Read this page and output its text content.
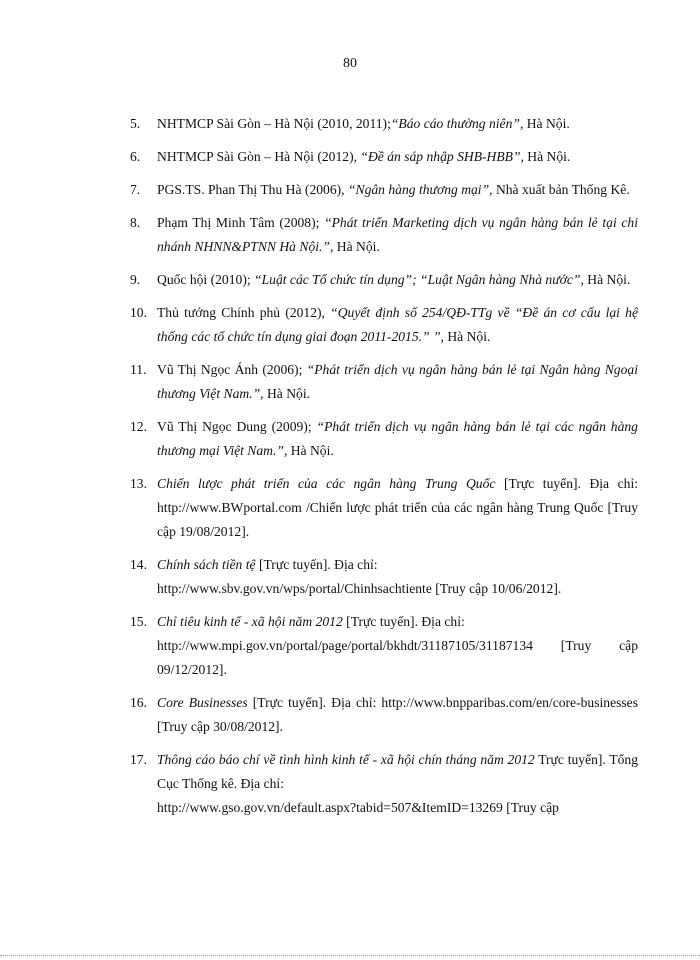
80
5. NHTMCP Sài Gòn – Hà Nội (2010, 2011);“Báo cáo thường niên”, Hà Nội.
6. NHTMCP Sài Gòn – Hà Nội (2012), “Đề án sáp nhập SHB-HBB”, Hà Nội.
7. PGS.TS. Phan Thị Thu Hà (2006), “Ngân hàng thương mại”, Nhà xuất bản Thống Kê.
8. Phạm Thị Minh Tâm (2008); “Phát triển Marketing dịch vụ ngân hàng bán lẻ tại chi nhánh NHNN&PTNN Hà Nội.”, Hà Nội.
9. Quốc hội (2010); “Luật các Tổ chức tín dụng”; “Luật Ngân hàng Nhà nước”, Hà Nội.
10. Thủ tướng Chính phủ (2012), “Quyết định số 254/QĐ-TTg về “Đề án cơ cấu lại hệ thống các tổ chức tín dụng giai đoạn 2011-2015.” ”, Hà Nội.
11. Vũ Thị Ngọc Ánh (2006); “Phát triển dịch vụ ngân hàng bán lẻ tại Ngân hàng Ngoại thương Việt Nam.”, Hà Nội.
12. Vũ Thị Ngọc Dung (2009); “Phát triển dịch vụ ngân hàng bán lẻ tại các ngân hàng thương mại Việt Nam.”, Hà Nội.
13. Chiến lược phát triển của các ngân hàng Trung Quốc [Trực tuyến]. Địa chỉ: http://www.BWportal.com /Chiến lược phát triển của các ngân hàng Trung Quốc [Truy cập 19/08/2012].
14. Chính sách tiền tệ [Trực tuyến]. Địa chỉ:
http://www.sbv.gov.vn/wps/portal/Chinhsachtiente [Truy cập 10/06/2012].
15. Chỉ tiêu kinh tế - xã hội năm 2012 [Trực tuyến]. Địa chỉ:
http://www.mpi.gov.vn/portal/page/portal/bkhdt/31187105/31187134 [Truy cập 09/12/2012].
16. Core Businesses [Trực tuyến]. Địa chỉ: http://www.bnpparibas.com/en/core-businesses [Truy cập 30/08/2012].
17. Thông cáo báo chí về tình hình kinh tế - xã hội chín tháng năm 2012 Trực tuyến]. Tổng Cục Thống kê. Địa chỉ:
http://www.gso.gov.vn/default.aspx?tabid=507&ItemID=13269 [Truy cập
